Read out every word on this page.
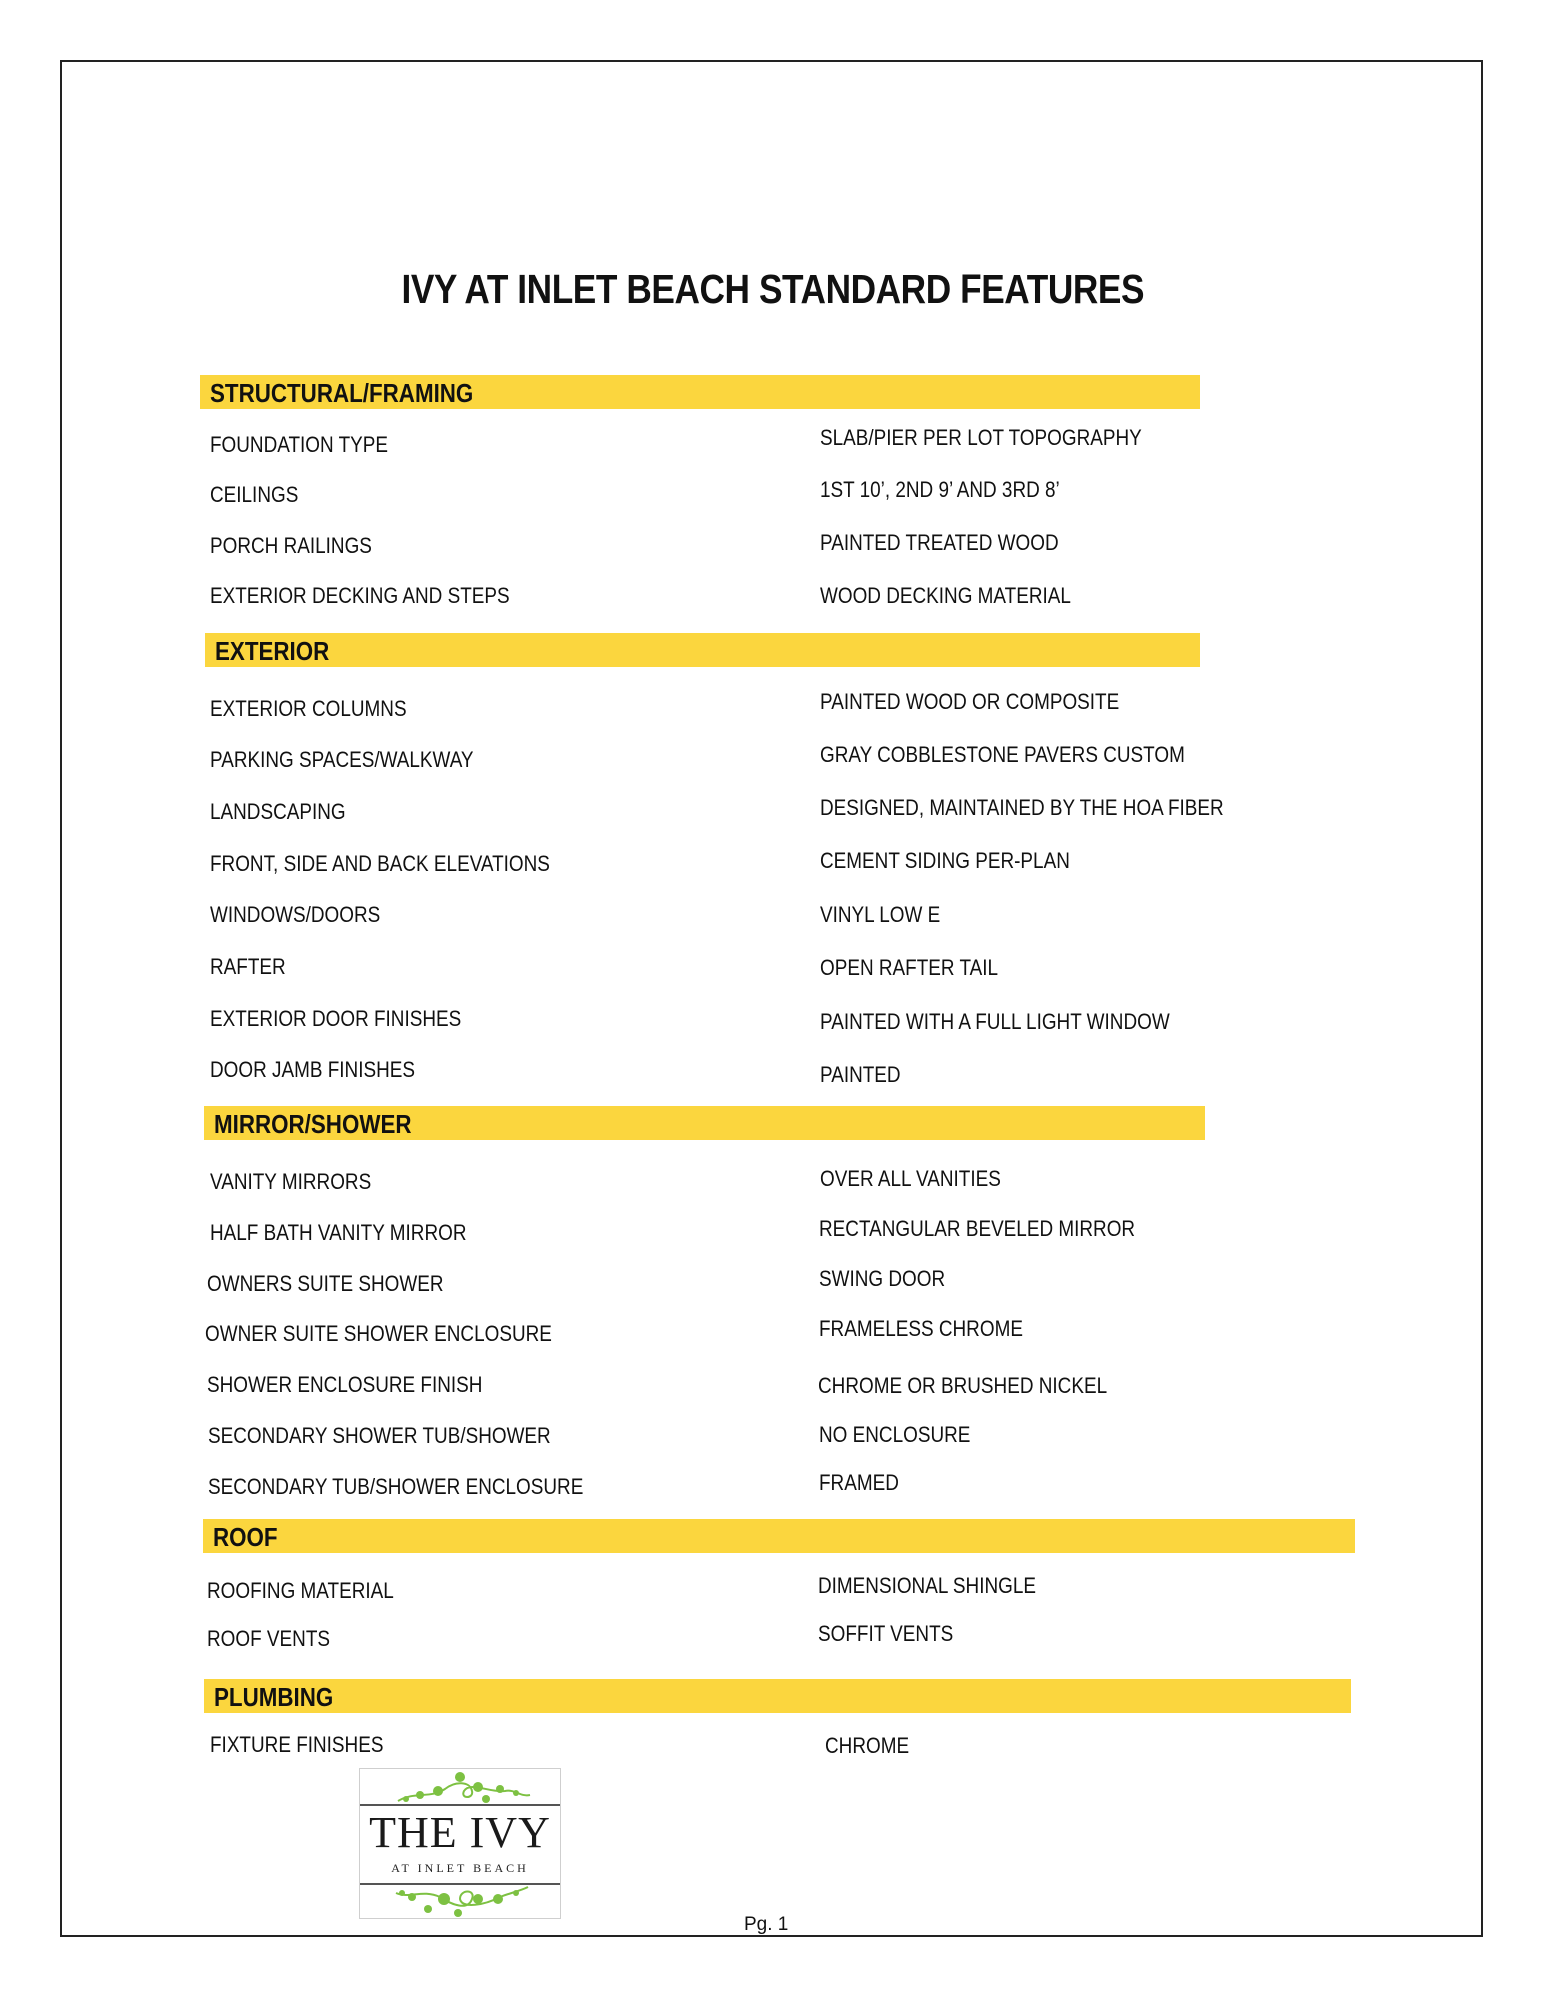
IVY AT INLET BEACH STANDARD FEATURES
STRUCTURAL/FRAMING
FOUNDATION TYPE	SLAB/PIER PER LOT TOPOGRAPHY
CEILINGS	1ST 10’, 2ND 9’ AND 3RD 8’
PORCH RAILINGS	PAINTED TREATED WOOD
EXTERIOR DECKING AND STEPS	WOOD DECKING MATERIAL
EXTERIOR
EXTERIOR COLUMNS	PAINTED WOOD OR COMPOSITE
PARKING SPACES/WALKWAY	GRAY COBBLESTONE PAVERS CUSTOM
LANDSCAPING	DESIGNED, MAINTAINED BY THE HOA FIBER
FRONT, SIDE AND BACK ELEVATIONS	CEMENT SIDING PER-PLAN
WINDOWS/DOORS	VINYL LOW E
RAFTER	OPEN RAFTER TAIL
EXTERIOR DOOR FINISHES	PAINTED WITH A FULL LIGHT WINDOW
DOOR JAMB FINISHES	PAINTED
MIRROR/SHOWER
VANITY MIRRORS	OVER ALL VANITIES
HALF BATH VANITY MIRROR	RECTANGULAR BEVELED MIRROR
OWNERS SUITE SHOWER	SWING DOOR
OWNER SUITE SHOWER ENCLOSURE	FRAMELESS CHROME
SHOWER ENCLOSURE FINISH	CHROME OR BRUSHED NICKEL
SECONDARY SHOWER TUB/SHOWER	NO ENCLOSURE
SECONDARY TUB/SHOWER ENCLOSURE	FRAMED
ROOF
ROOFING MATERIAL	DIMENSIONAL SHINGLE
ROOF VENTS	SOFFIT VENTS
PLUMBING
FIXTURE FINISHES	CHROME
THE IVY
AT INLET BEACH
Pg. 1
